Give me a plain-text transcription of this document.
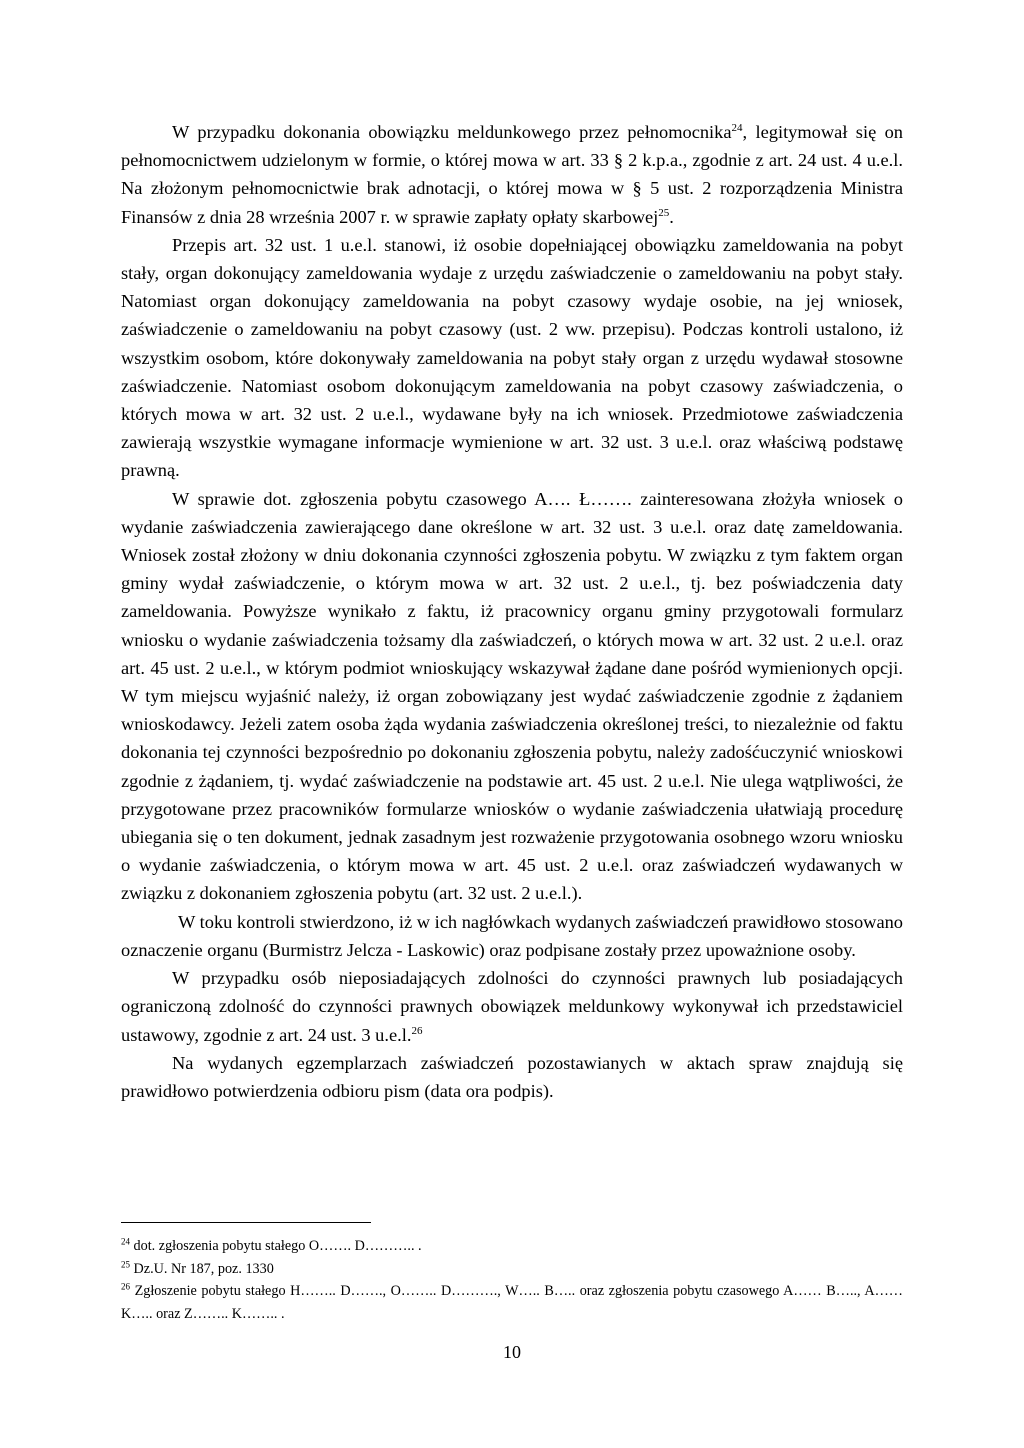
W przypadku dokonania obowiązku meldunkowego przez pełnomocnika$^{24}$, legitymował się on pełnomocnictwem udzielonym w formie, o której mowa w art. 33 § 2 k.p.a., zgodnie z art. 24 ust. 4 u.e.l. Na złożonym pełnomocnictwie brak adnotacji, o której mowa w § 5 ust. 2 rozporządzenia Ministra Finansów z dnia 28 września 2007 r. w sprawie zapłaty opłaty skarbowej$^{25}$.

Przepis art. 32 ust. 1 u.e.l. stanowi, iż osobie dopełniającej obowiązku zameldowania na pobyt stały, organ dokonujący zameldowania wydaje z urzędu zaświadczenie o zameldowaniu na pobyt stały. Natomiast organ dokonujący zameldowania na pobyt czasowy wydaje osobie, na jej wniosek, zaświadczenie o zameldowaniu na pobyt czasowy (ust. 2 ww. przepisu). Podczas kontroli ustalono, iż wszystkim osobom, które dokonywały zameldowania na pobyt stały organ z urzędu wydawał stosowne zaświadczenie. Natomiast osobom dokonującym zameldowania na pobyt czasowy zaświadczenia, o których mowa w art. 32 ust. 2 u.e.l., wydawane były na ich wniosek. Przedmiotowe zaświadczenia zawierają wszystkie wymagane informacje wymienione w art. 32 ust. 3 u.e.l. oraz właściwą podstawę prawną.

W sprawie dot. zgłoszenia pobytu czasowego A…. Ł……. zainteresowana złożyła wniosek o wydanie zaświadczenia zawierającego dane określone w art. 32 ust. 3 u.e.l. oraz datę zameldowania. Wniosek został złożony w dniu dokonania czynności zgłoszenia pobytu. W związku z tym faktem organ gminy wydał zaświadczenie, o którym mowa w art. 32 ust. 2 u.e.l., tj. bez poświadczenia daty zameldowania. Powyższe wynikało z faktu, iż pracownicy organu gminy przygotowali formularz wniosku o wydanie zaświadczenia tożsamy dla zaświadczeń, o których mowa w art. 32 ust. 2 u.e.l. oraz art. 45 ust. 2 u.e.l., w którym podmiot wnioskujący wskazywał żądane dane pośród wymienionych opcji. W tym miejscu wyjaśnić należy, iż organ zobowiązany jest wydać zaświadczenie zgodnie z żądaniem wnioskodawcy. Jeżeli zatem osoba żąda wydania zaświadczenia określonej treści, to niezależnie od faktu dokonania tej czynności bezpośrednio po dokonaniu zgłoszenia pobytu, należy zadośćuczynić wnioskowi zgodnie z żądaniem, tj. wydać zaświadczenie na podstawie art. 45 ust. 2 u.e.l. Nie ulega wątpliwości, że przygotowane przez pracowników formularze wniosków o wydanie zaświadczenia ułatwiają procedurę ubiegania się o ten dokument, jednak zasadnym jest rozważenie przygotowania osobnego wzoru wniosku o wydanie zaświadczenia, o którym mowa w art. 45 ust. 2 u.e.l. oraz zaświadczeń wydawanych w związku z dokonaniem zgłoszenia pobytu (art. 32 ust. 2 u.e.l.).

W toku kontroli stwierdzono, iż w ich nagłówkach wydanych zaświadczeń prawidłowo stosowano oznaczenie organu (Burmistrz Jelcza - Laskowic) oraz podpisane zostały przez upoważnione osoby.

W przypadku osób nieposiadających zdolności do czynności prawnych lub posiadających ograniczoną zdolność do czynności prawnych obowiązek meldunkowy wykonywał ich przedstawiciel ustawowy, zgodnie z art. 24 ust. 3 u.e.l.$^{26}$

Na wydanych egzemplarzach zaświadczeń pozostawianych w aktach spraw znajdują się prawidłowo potwierdzenia odbioru pism (data ora podpis).

$^{24}$ dot. zgłoszenia pobytu stałego O……. D……….. .

$^{25}$ Dz.U. Nr 187, poz. 1330

$^{26}$ Zgłoszenie pobytu stałego H…….. D……., O…….. D………., W….. B….. oraz zgłoszenia pobytu czasowego A…… B….., A…… K….. oraz Z…….. K…….. .

10
